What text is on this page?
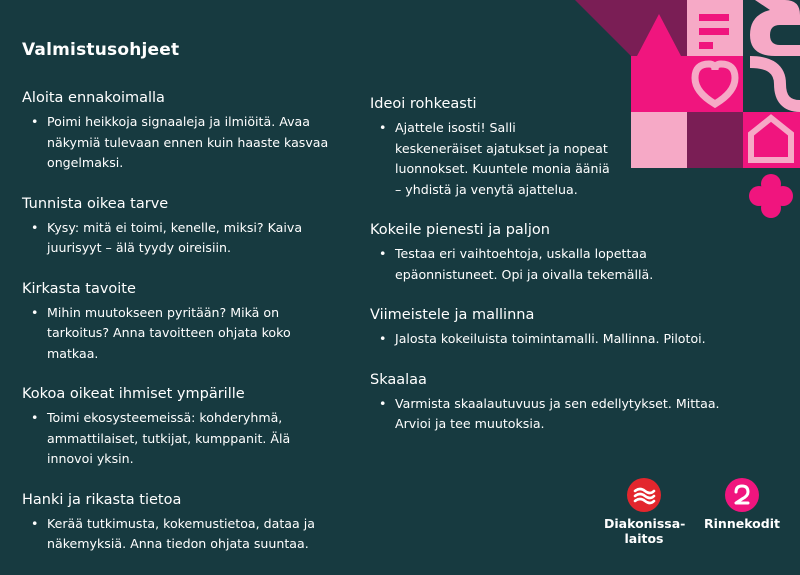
Valmistusohjeet
Aloita ennakoimalla
• Poimi heikkoja signaaleja ja ilmiöitä. Avaa
näkymiä tulevaan ennen kuin haaste kasvaa
ongelmaksi.
Tunnista oikea tarve
• Kysy: mitä ei toimi, kenelle, miksi? Kaiva
juurisyyt – älä tyydy oireisiin.
Kirkasta tavoite
• Mihin muutokseen pyritään? Mikä on
tarkoitus? Anna tavoitteen ohjata koko
matkaa.
Kokoa oikeat ihmiset ympärille
• Toimi ekosysteemeissä: kohderyhmä,
ammattilaiset, tutkijat, kumppanit. Älä
innovoi yksin.
Hanki ja rikasta tietoa
• Kerää tutkimusta, kokemustietoa, dataa ja
näkemyksiä. Anna tiedon ohjata suuntaa.
Ideoi rohkeasti
• Ajattele isosti! Salli
keskeneräiset ajatukset ja nopeat
luonnokset. Kuuntele monia ääniä
– yhdistä ja venytä ajattelua.
Kokeile pienesti ja paljon
• Testaa eri vaihtoehtoja, uskalla lopettaa
epäonnistuneet. Opi ja oivalla tekemällä.
Viimeistele ja mallinna
• Jalosta kokeiluista toimintamalli. Mallinna. Pilotoi.
Skaalaa
• Varmista skaalautuvuus ja sen edellytykset. Mittaa.
Arvioi ja tee muutoksia.
Diakonissa-
laitos
Rinnekodit
